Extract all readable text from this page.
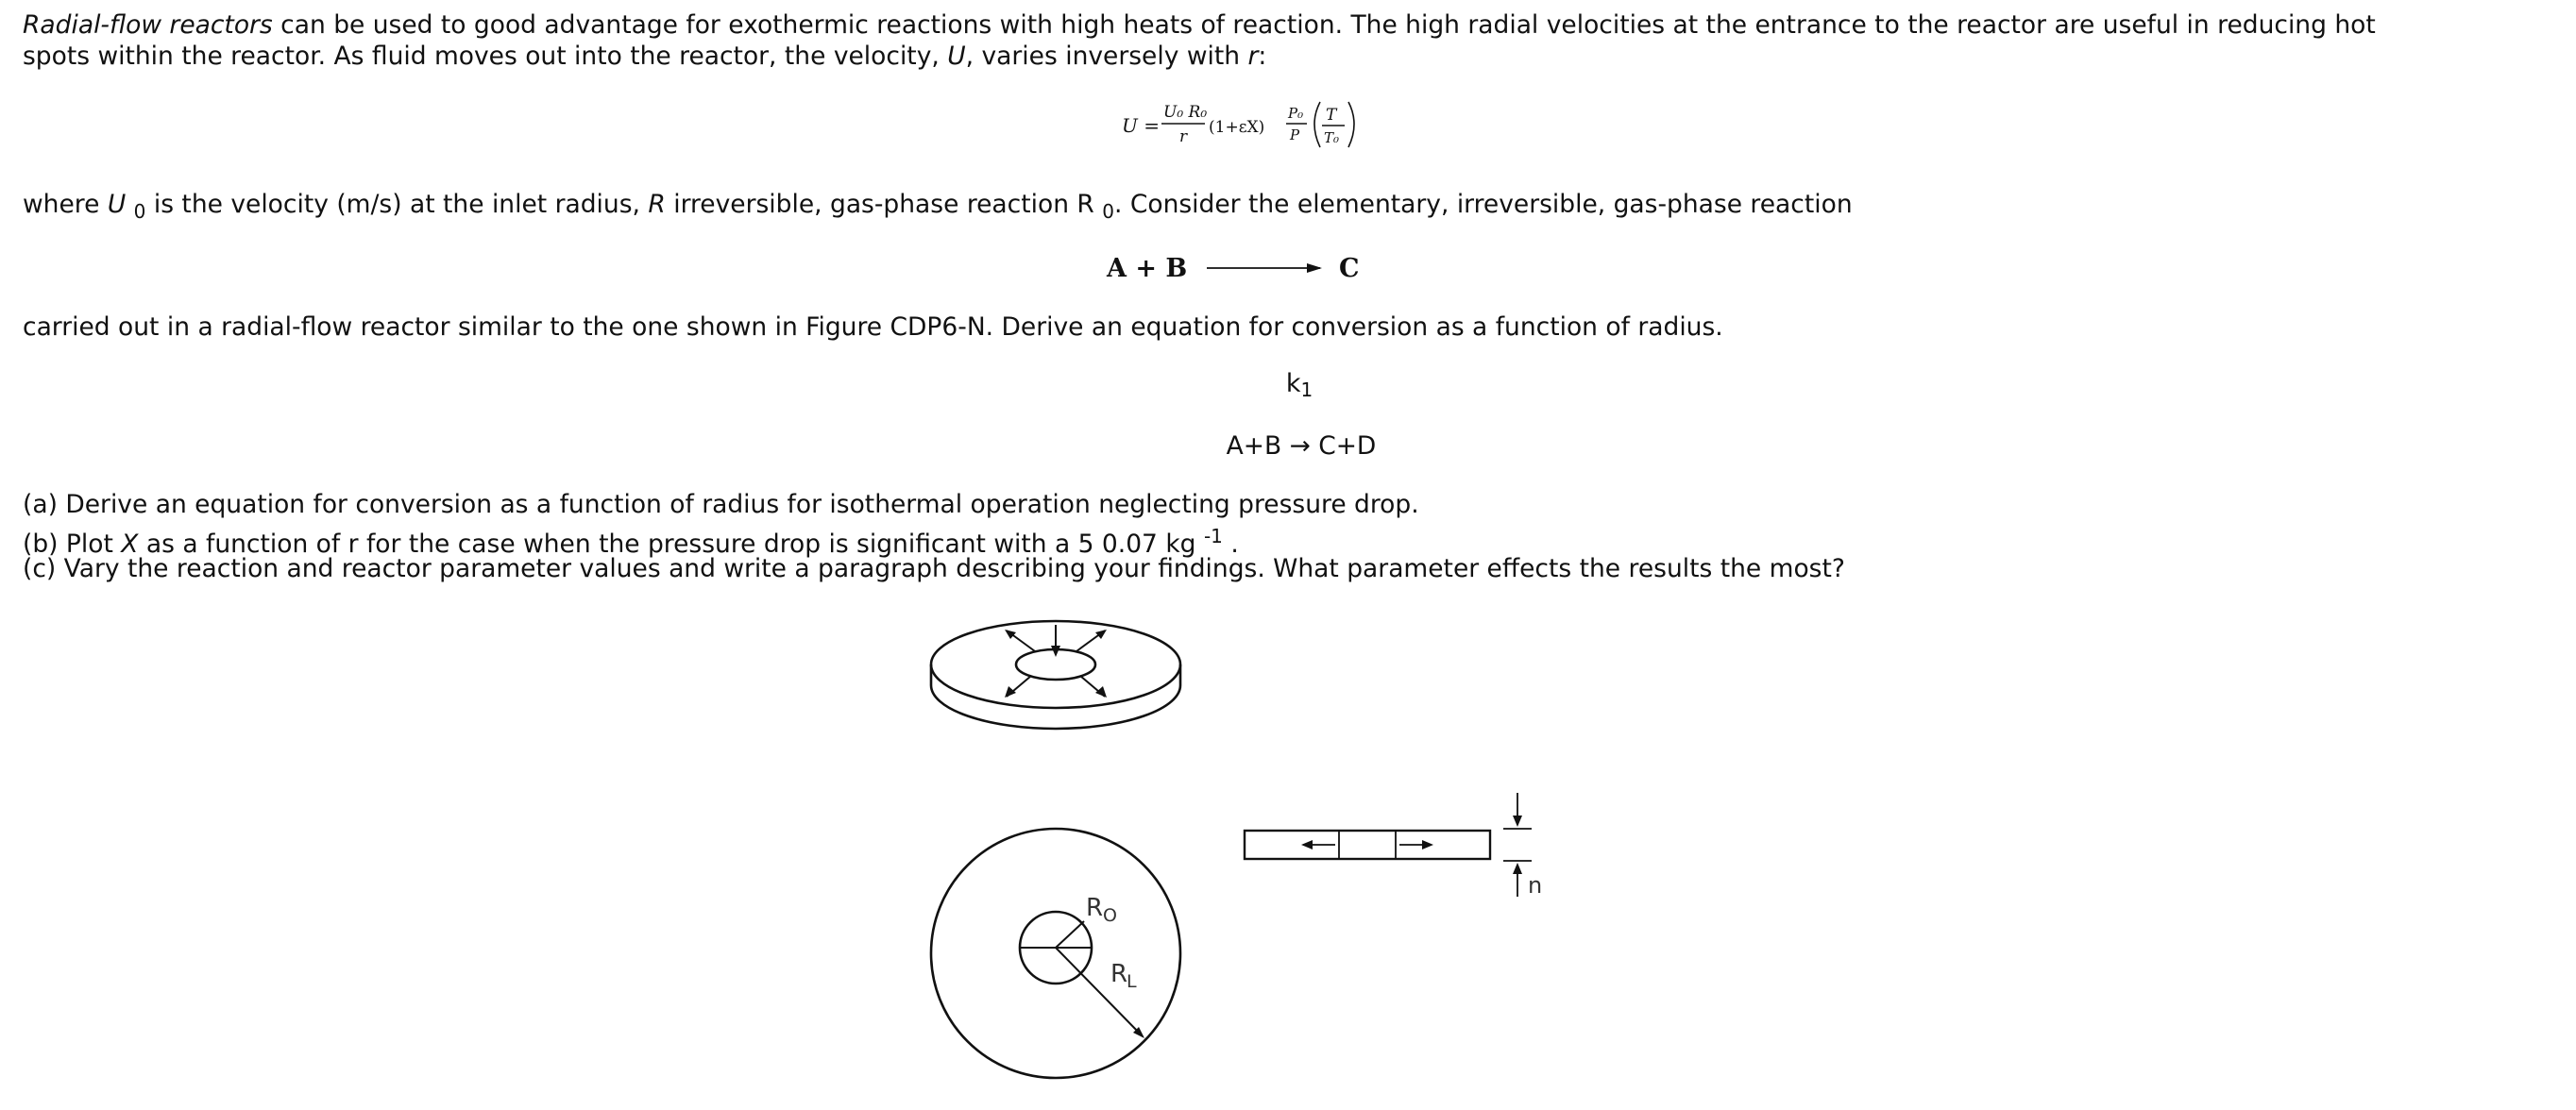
Radial-flow reactors can be used to good advantage for exothermic reactions with high heats of reaction. The high radial velocities at the entrance to the reactor are useful in reducing hot
spots within the reactor. As fluid moves out into the reactor, the velocity, U, varies inversely with r:
U =
U₀ R₀
r (1+εX)
P₀
P
T
T₀
where U $_0$ is the velocity (m/s) at the inlet radius, R irreversible, gas-phase reaction R $_0$. Consider the elementary, irreversible, gas-phase reaction
A + B	C
carried out in a radial-flow reactor similar to the one shown in Figure CDP6-N. Derive an equation for conversion as a function of radius.
k1
A+B → C+D
(a) Derive an equation for conversion as a function of radius for isothermal operation neglecting pressure drop.
(b) Plot X as a function of r for the case when the pressure drop is significant with a 5 0.07 kg $^{-1}$ .
(c) Vary the reaction and reactor parameter values and write a paragraph describing your findings. What parameter effects the results the most?
R O
R
L
n
